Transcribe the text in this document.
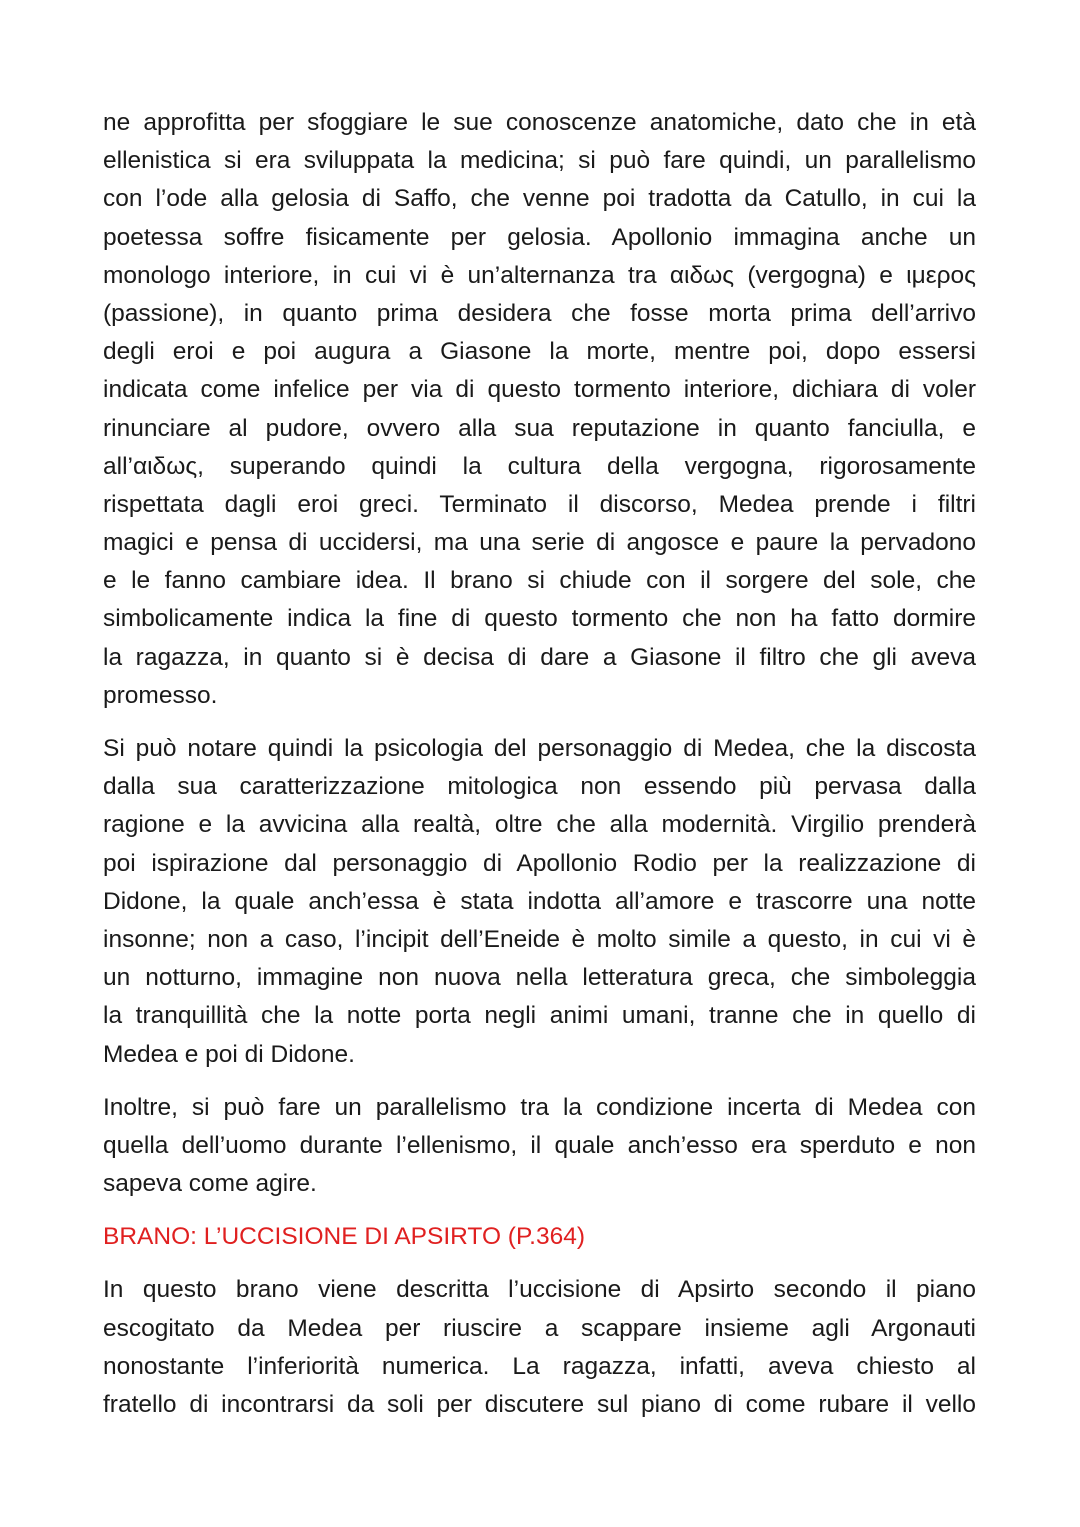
ne approfitta per sfoggiare le sue conoscenze anatomiche, dato che in età
ellenistica si era sviluppata la medicina; si può fare quindi, un parallelismo
con l’ode alla gelosia di Saffo, che venne poi tradotta da Catullo, in cui la
poetessa soffre fisicamente per gelosia. Apollonio immagina anche un
monologo interiore, in cui vi è un’alternanza tra αιδως (vergogna) e ιμερος
(passione), in quanto prima desidera che fosse morta prima dell’arrivo
degli eroi e poi augura a Giasone la morte, mentre poi, dopo essersi
indicata come infelice per via di questo tormento interiore, dichiara di voler
rinunciare al pudore, ovvero alla sua reputazione in quanto fanciulla, e
all’αιδως, superando quindi la cultura della vergogna, rigorosamente
rispettata dagli eroi greci. Terminato il discorso, Medea prende i filtri
magici e pensa di uccidersi, ma una serie di angosce e paure la pervadono
e le fanno cambiare idea. Il brano si chiude con il sorgere del sole, che
simbolicamente indica la fine di questo tormento che non ha fatto dormire
la ragazza, in quanto si è decisa di dare a Giasone il filtro che gli aveva
promesso.
Si può notare quindi la psicologia del personaggio di Medea, che la discosta
dalla sua caratterizzazione mitologica non essendo più pervasa dalla
ragione e la avvicina alla realtà, oltre che alla modernità. Virgilio prenderà
poi ispirazione dal personaggio di Apollonio Rodio per la realizzazione di
Didone, la quale anch’essa è stata indotta all’amore e trascorre una notte
insonne; non a caso, l’incipit dell’Eneide è molto simile a questo, in cui vi è
un notturno, immagine non nuova nella letteratura greca, che simboleggia
la tranquillità che la notte porta negli animi umani, tranne che in quello di
Medea e poi di Didone.
Inoltre, si può fare un parallelismo tra la condizione incerta di Medea con
quella dell’uomo durante l’ellenismo, il quale anch’esso era sperduto e non
sapeva come agire.
BRANO: L’UCCISIONE DI APSIRTO (P.364)
In questo brano viene descritta l’uccisione di Apsirto secondo il piano
escogitato da Medea per riuscire a scappare insieme agli Argonauti
nonostante l’inferiorità numerica. La ragazza, infatti, aveva chiesto al
fratello di incontrarsi da soli per discutere sul piano di come rubare il vello
